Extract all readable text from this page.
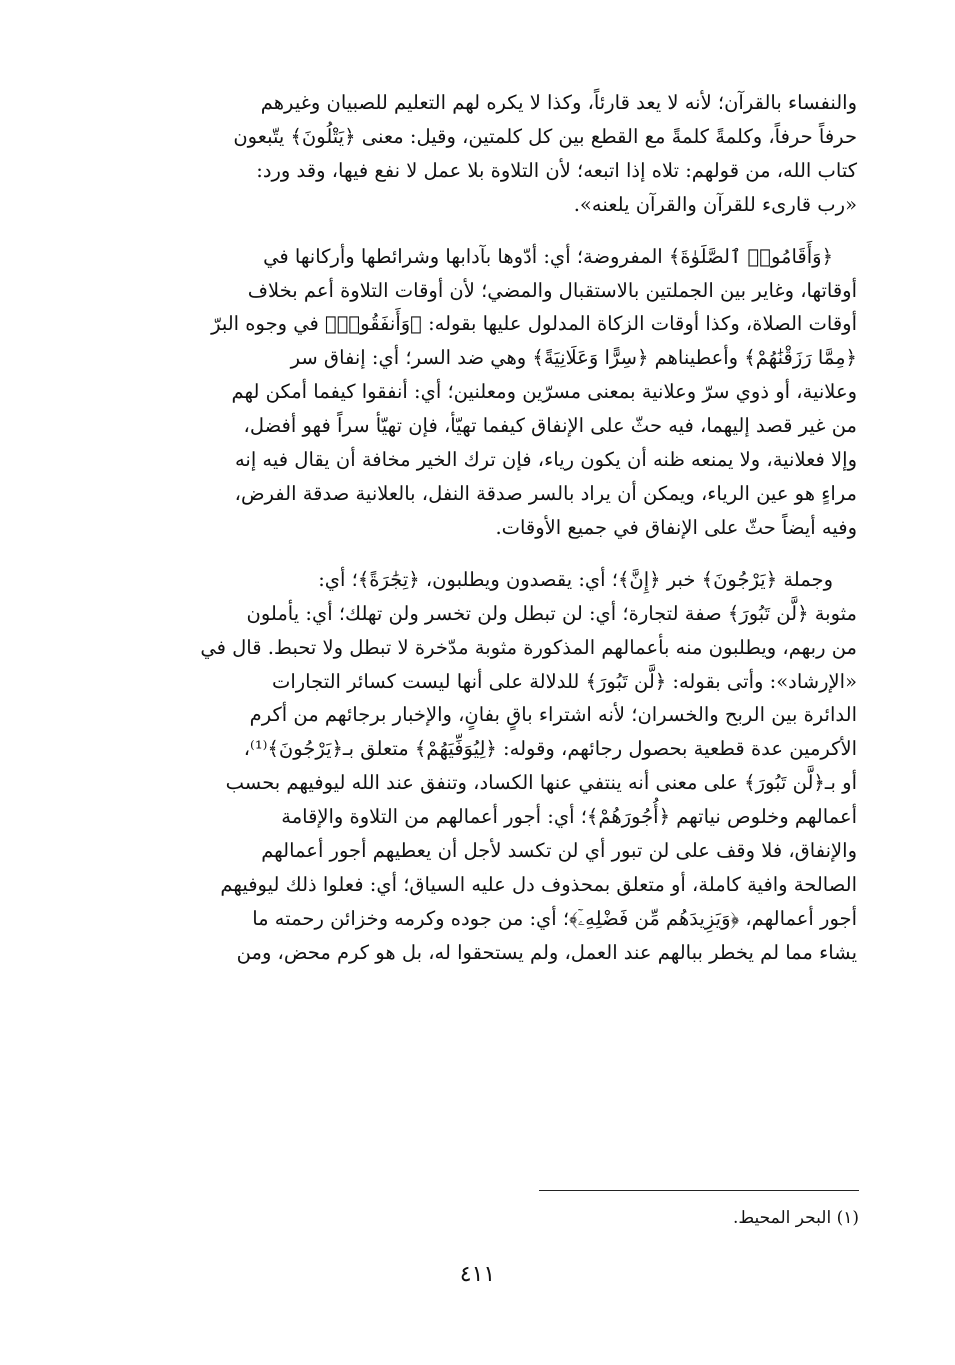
والنفساء بالقرآن؛ لأنه لا يعد قارئاً، وكذا لا يكره لهم التعليم للصبيان وغيرهم

حرفاً حرفاً، وكلمةً كلمةً مع القطع بين كل كلمتين، وقيل: معنى ﴿يَتْلُونَ﴾ يتّبعون

كتاب الله، من قولهم: تلاه إذا اتبعه؛ لأن التلاوة بلا عمل لا نفع فيها، وقد ورد:

«رب قارىء للقرآن والقرآن يلعنه».

﴿وَأَقَامُوا۟ ٱلصَّلَوٰةَ﴾ المفروضة؛ أي: أدّوها بآدابها وشرائطها وأركانها في

أوقاتها، وغاير بين الجملتين بالاستقبال والمضي؛ لأن أوقات التلاوة أعم بخلاف

أوقات الصلاة، وكذا أوقات الزكاة المدلول عليها بقوله: ﴿وَأَنفَقُوا۟﴾ في وجوه البرّ

﴿مِمَّا رَزَقْنَٰهُمْ﴾ وأعطيناهم ﴿سِرًّا وَعَلَانِيَةً﴾ وهي ضد السر؛ أي: إنفاق سر

وعلانية، أو ذوي سرّ وعلانية بمعنى مسرّين ومعلنين؛ أي: أنفقوا كيفما أمكن لهم

من غير قصد إليهما، فيه حثّ على الإنفاق كيفما تهيّأ، فإن تهيّأ سراً فهو أفضل،

وإلا فعلانية، ولا يمنعه ظنه أن يكون رياء، فإن ترك الخير مخافة أن يقال فيه إنه

مراءٍ هو عين الرياء، ويمكن أن يراد بالسر صدقة النفل، بالعلانية صدقة الفرض،

وفيه أيضاً حثّ على الإنفاق في جميع الأوقات.

وجملة ﴿يَرْجُونَ﴾ خبر ﴿إِنَّ﴾؛ أي: يقصدون ويطلبون، ﴿تِجَٰرَةً﴾؛ أي:

مثوبة ﴿لَّن تَبُورَ﴾ صفة لتجارة؛ أي: لن تبطل ولن تخسر ولن تهلك؛ أي: يأملون

من ربهم، ويطلبون منه بأعمالهم المذكورة مثوبة مدّخرة لا تبطل ولا تحبط. قال في

«الإرشاد»: وأتى بقوله: ﴿لَّن تَبُورَ﴾ للدلالة على أنها ليست كسائر التجارات

الدائرة بين الربح والخسران؛ لأنه اشتراء باقٍ بفانٍ، والإخبار برجائهم من أكرم

الأكرمين عدة قطعية بحصول رجائهم، وقوله: ﴿لِيُوَفِّيَهُمْ﴾ متعلق بـ﴿يَرْجُونَ﴾⁽¹⁾،

أو بـ﴿لَّن تَبُورَ﴾ على معنى أنه ينتفي عنها الكساد، وتنفق عند الله ليوفيهم بحسب

أعمالهم وخلوص نياتهم ﴿أُجُورَهُمْ﴾؛ أي: أجور أعمالهم من التلاوة والإقامة

والإنفاق، فلا وقف على لن تبور أي لن تكسد لأجل أن يعطيهم أجور أعمالهم

الصالحة وافية كاملة، أو متعلق بمحذوف دل عليه السياق؛ أي: فعلوا ذلك ليوفيهم

أجور أعمالهم، ﴿وَيَزِيدَهُم مِّن فَضْلِهِۦٓ﴾؛ أي: من جوده وكرمه وخزائن رحمته ما

يشاء مما لم يخطر ببالهم عند العمل، ولم يستحقوا له، بل هو كرم محض، ومن

(١) البحر المحيط.
٤١١
